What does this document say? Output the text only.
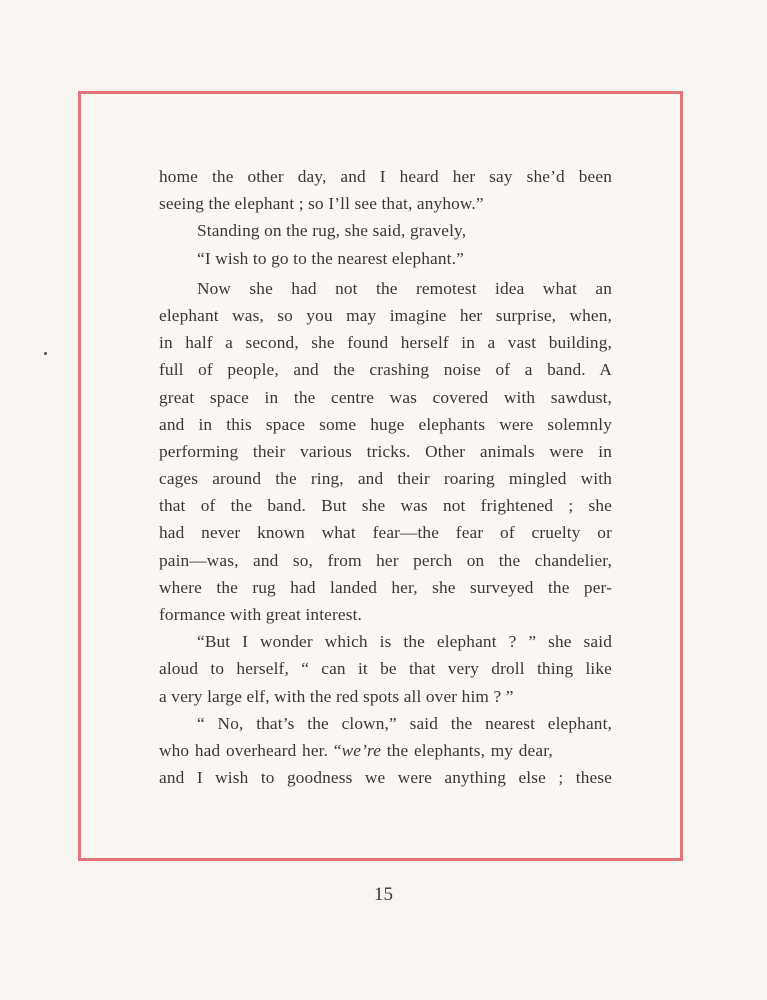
home the other day, and I heard her say she’d been
seeing the elephant ; so I’ll see that, anyhow.”
Standing on the rug, she said, gravely,
“I wish to go to the nearest elephant.”
Now she had not the remotest idea what an
elephant was, so you may imagine her surprise, when,
in half a second, she found herself in a vast building,
full of people, and the crashing noise of a band. A
great space in the centre was covered with sawdust,
and in this space some huge elephants were solemnly
performing their various tricks. Other animals were in
cages around the ring, and their roaring mingled with
that of the band. But she was not frightened ; she
had never known what fear—the fear of cruelty or
pain—was, and so, from her perch on the chandelier,
where the rug had landed her, she surveyed the per-
formance with great interest.
“But I wonder which is the elephant ? ” she said
aloud to herself, “ can it be that very droll thing like
a very large elf, with the red spots all over him ? ”
“ No, that’s the clown,” said the nearest elephant,
who had overheard her. “we’re the elephants, my dear,
and I wish to goodness we were anything else ; these
15
